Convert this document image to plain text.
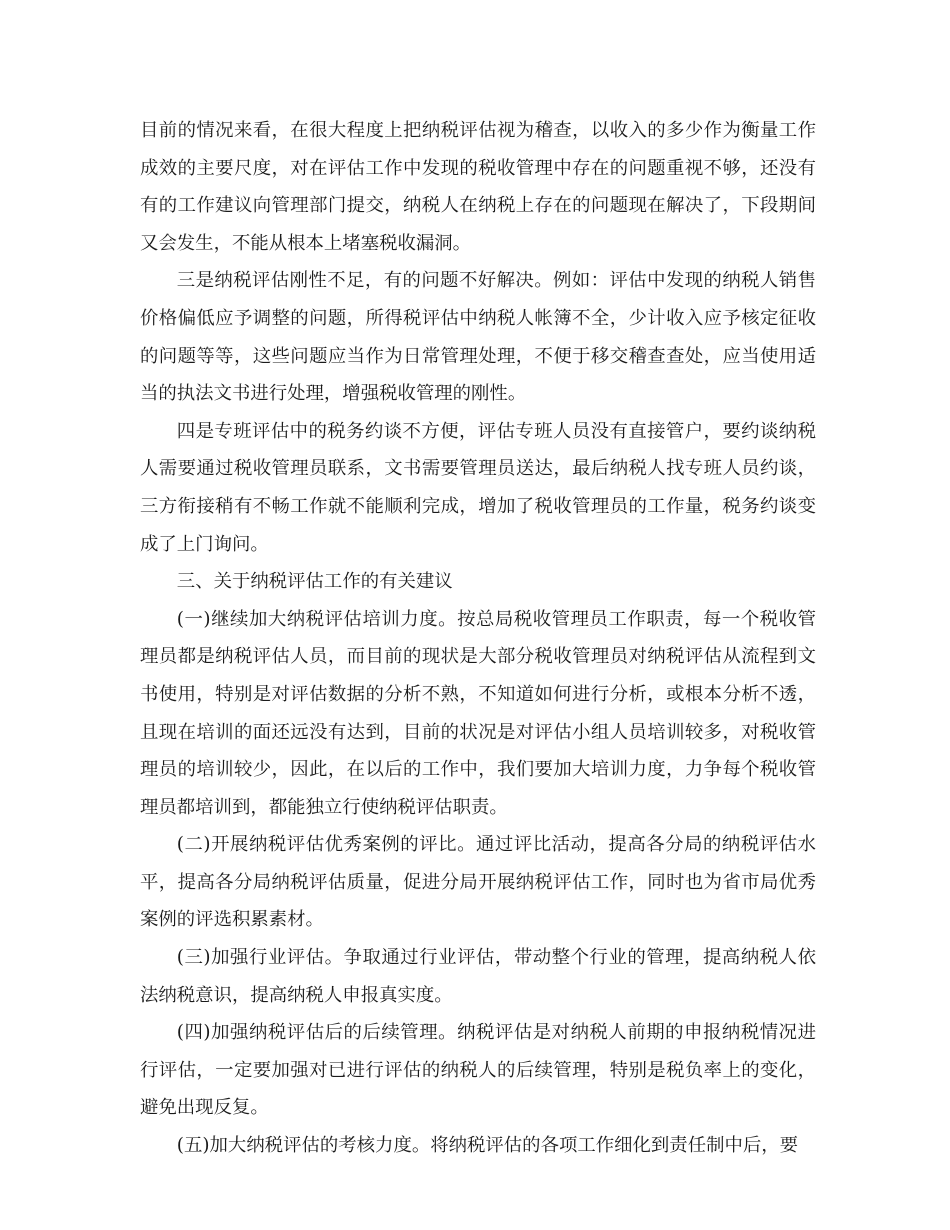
目前的情况来看，在很大程度上把纳税评估视为稽查，以收入的多少作为衡量工作成效的主要尺度，对在评估工作中发现的税收管理中存在的问题重视不够，还没有有的工作建议向管理部门提交，纳税人在纳税上存在的问题现在解决了，下段期间又会发生，不能从根本上堵塞税收漏洞。

三是纳税评估刚性不足，有的问题不好解决。例如：评估中发现的纳税人销售价格偏低应予调整的问题，所得税评估中纳税人帐簿不全，少计收入应予核定征收的问题等等，这些问题应当作为日常管理处理，不便于移交稽查查处，应当使用适当的执法文书进行处理，增强税收管理的刚性。

四是专班评估中的税务约谈不方便，评估专班人员没有直接管户，要约谈纳税人需要通过税收管理员联系，文书需要管理员送达，最后纳税人找专班人员约谈，三方衔接稍有不畅工作就不能顺利完成，增加了税收管理员的工作量，税务约谈变成了上门询问。

三、关于纳税评估工作的有关建议

(一)继续加大纳税评估培训力度。按总局税收管理员工作职责，每一个税收管理员都是纳税评估人员，而目前的现状是大部分税收管理员对纳税评估从流程到文书使用，特别是对评估数据的分析不熟，不知道如何进行分析，或根本分析不透，且现在培训的面还远没有达到，目前的状况是对评估小组人员培训较多，对税收管理员的培训较少，因此，在以后的工作中，我们要加大培训力度，力争每个税收管理员都培训到，都能独立行使纳税评估职责。

(二)开展纳税评估优秀案例的评比。通过评比活动，提高各分局的纳税评估水平，提高各分局纳税评估质量，促进分局开展纳税评估工作，同时也为省市局优秀案例的评选积累素材。

(三)加强行业评估。争取通过行业评估，带动整个行业的管理，提高纳税人依法纳税意识，提高纳税人申报真实度。

(四)加强纳税评估后的后续管理。纳税评估是对纳税人前期的申报纳税情况进行评估，一定要加强对已进行评估的纳税人的后续管理，特别是税负率上的变化，避免出现反复。

(五)加大纳税评估的考核力度。将纳税评估的各项工作细化到责任制中后，要
